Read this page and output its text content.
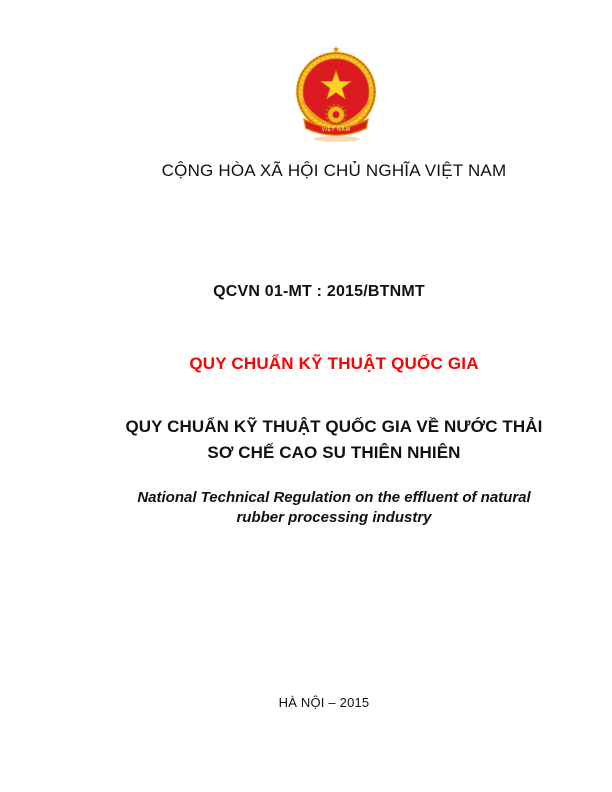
VIỆT NAM
CỘNG HÒA XÃ HỘI CHỦ NGHĨA VIỆT NAM
QCVN 01-MT : 2015/BTNMT
QUY CHUẨN KỸ THUẬT QUỐC GIA
QUY CHUẨN KỸ THUẬT QUỐC GIA VỀ NƯỚC THẢI
SƠ CHẾ CAO SU THIÊN NHIÊN
National Technical Regulation on the effluent of natural
rubber processing industry
HÀ NỘI – 2015
